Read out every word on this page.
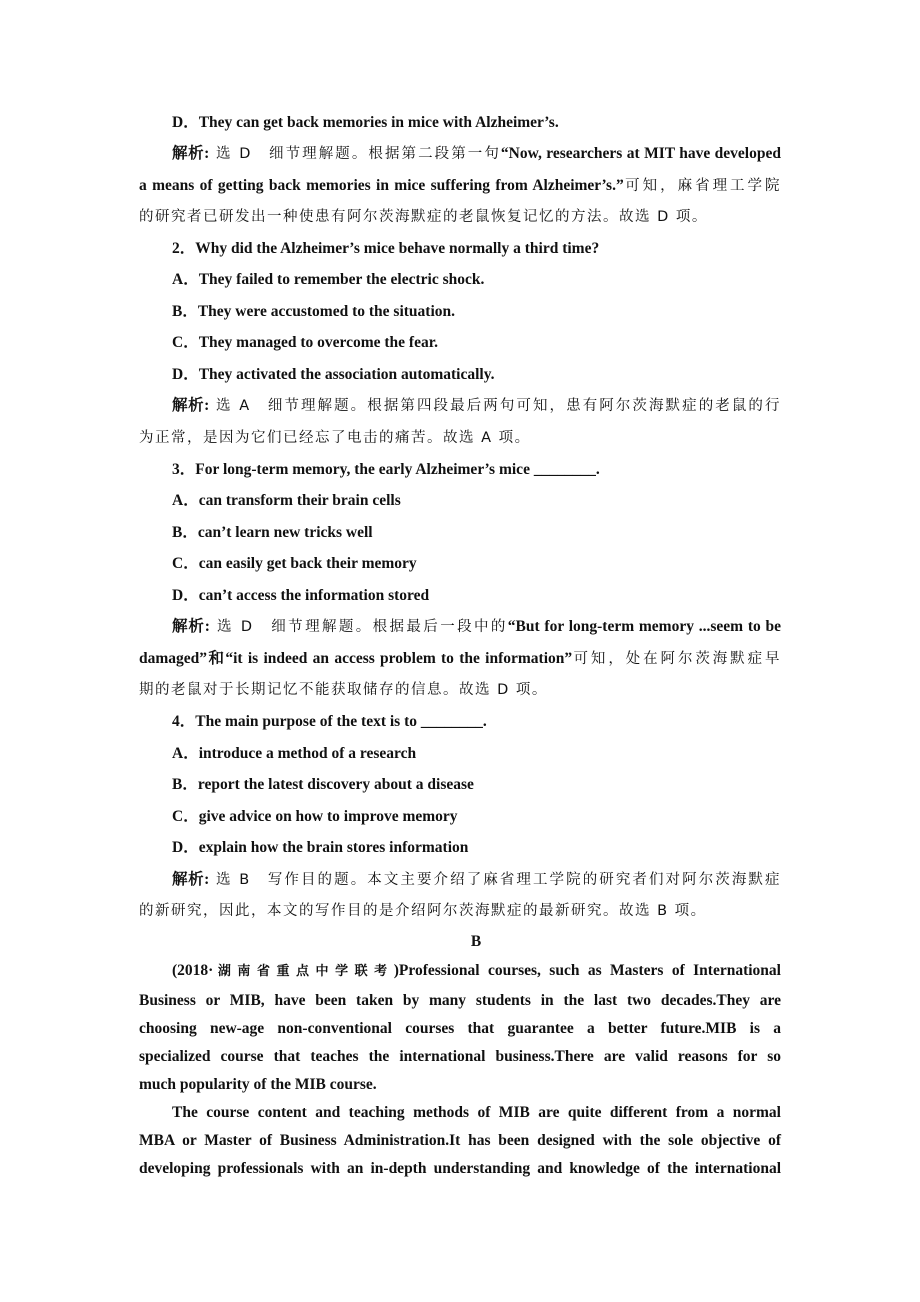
D．They can get back memories in mice with Alzheimer’s.
解析: 选 D　细节理解题。根据第二段第一句“Now, researchers at MIT have developed
a means of getting back memories in mice suffering from Alzheimer’s.”可知，麻省理工学院
的研究者已研发出一种使患有阿尔茨海默症的老鼠恢复记忆的方法。故选 D 项。
2．Why did the Alzheimer’s mice behave normally a third time?
A．They failed to remember the electric shock.
B．They were accustomed to the situation.
C．They managed to overcome the fear.
D．They activated the association automatically.
解析: 选 A　细节理解题。根据第四段最后两句可知，患有阿尔茨海默症的老鼠的行
为正常，是因为它们已经忘了电击的痛苦。故选 A 项。
3．For long-term memory, the early Alzheimer’s mice ________.
A．can transform their brain cells
B．can’t learn new tricks well
C．can easily get back their memory
D．can’t access the information stored
解析: 选 D　细节理解题。根据最后一段中的“But for long-term memory ...seem to be
damaged”和“it is indeed an access problem to the information”可知，处在阿尔茨海默症早
期的老鼠对于长期记忆不能获取储存的信息。故选 D 项。
4．The main purpose of the text is to ________.
A．introduce a method of a research
B．report the latest discovery about a disease
C．give advice on how to improve memory
D．explain how the brain stores information
解析: 选 B　写作目的题。本文主要介绍了麻省理工学院的研究者们对阿尔茨海默症
的新研究，因此，本文的写作目的是介绍阿尔茨海默症的最新研究。故选 B 项。
B
(2018·湖南省重点中学联考)Professional courses, such as Masters of International
Business or MIB, have been taken by many students in the last two decades.They are
choosing new-age non-conventional courses that guarantee a better future.MIB is a
specialized course that teaches the international business.There are valid reasons for so
much popularity of the MIB course.
The course content and teaching methods of MIB are quite different from a normal
MBA or Master of Business Administration.It has been designed with the sole objective of
developing professionals with an in-depth understanding and knowledge of the international
